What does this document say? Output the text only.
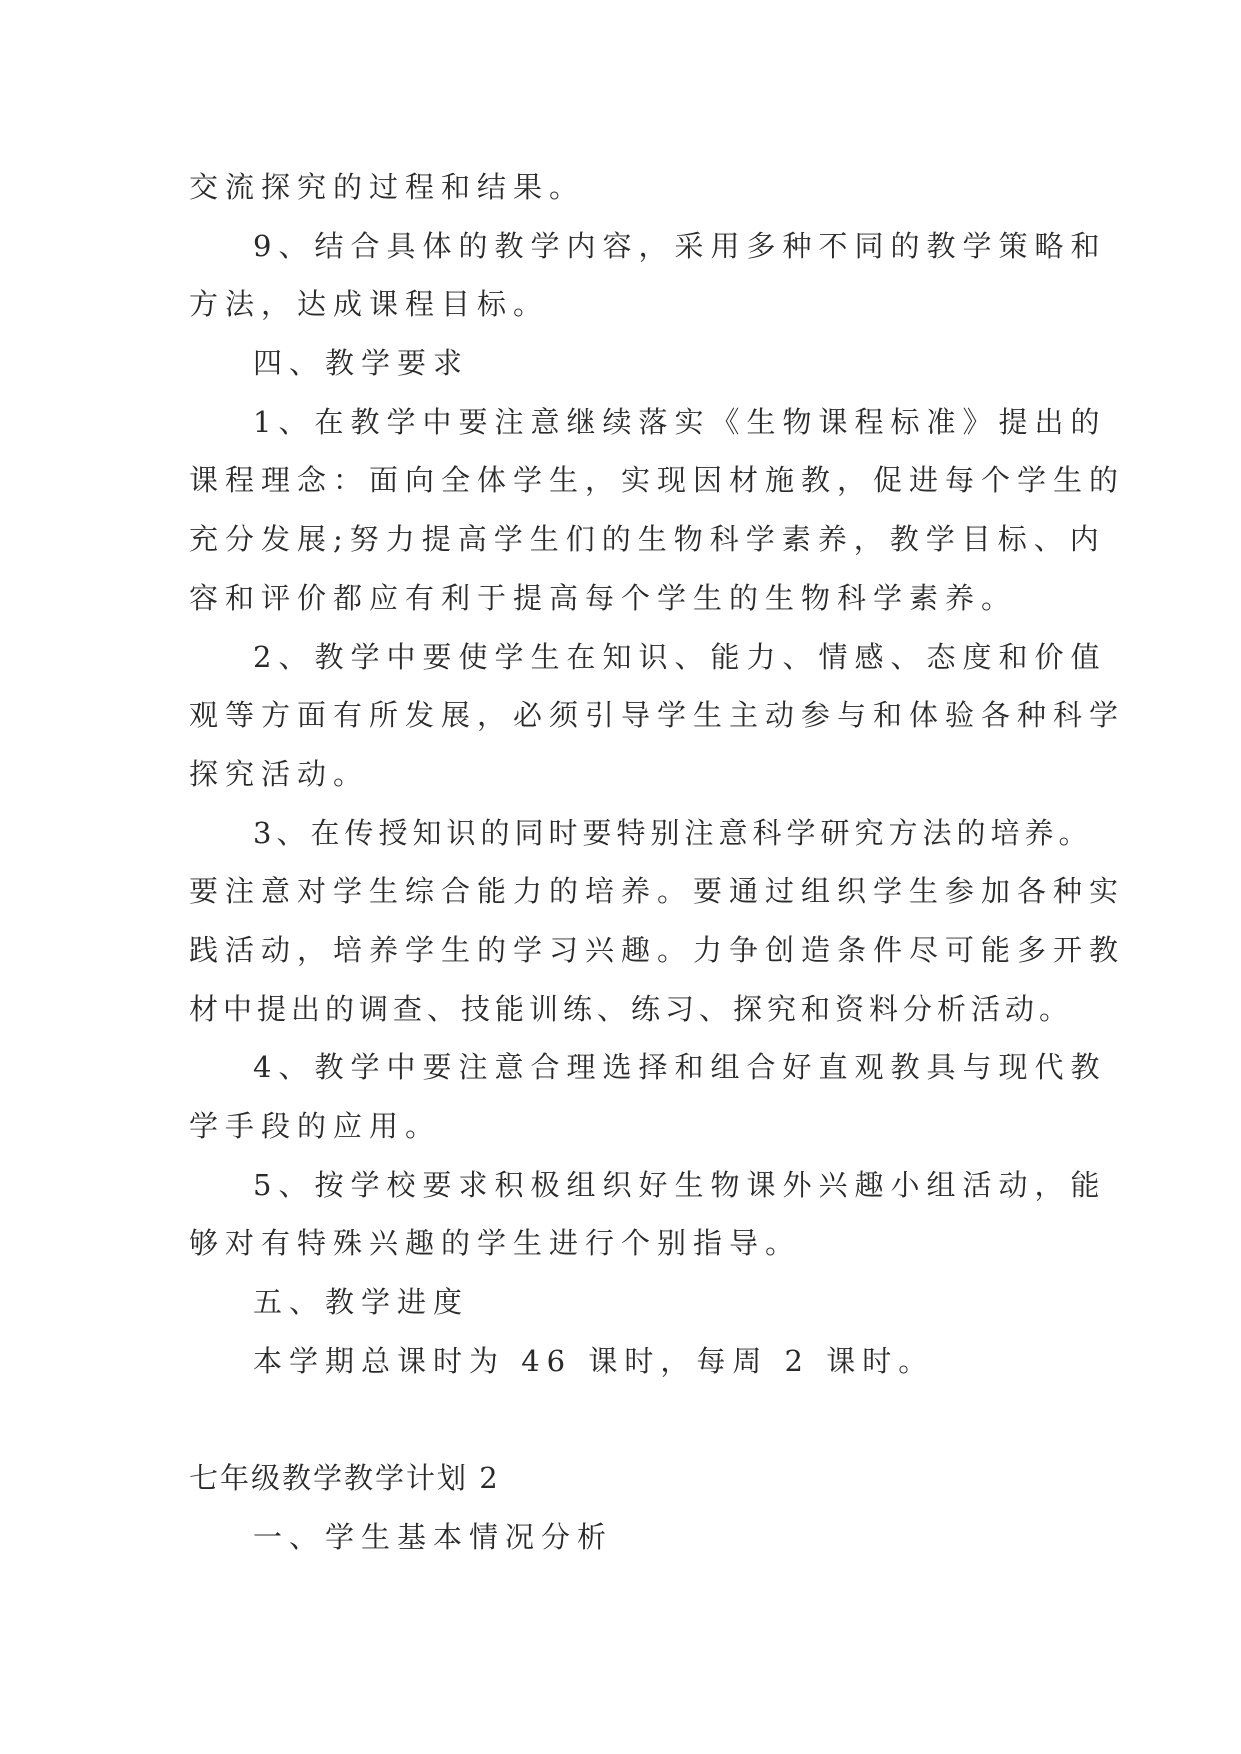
交流探究的过程和结果。
9、结合具体的教学内容，采用多种不同的教学策略和
方法，达成课程目标。
四、教学要求
1、在教学中要注意继续落实《生物课程标准》提出的
课程理念：面向全体学生，实现因材施教，促进每个学生的
充分发展;努力提高学生们的生物科学素养，教学目标、内
容和评价都应有利于提高每个学生的生物科学素养。
2、教学中要使学生在知识、能力、情感、态度和价值
观等方面有所发展，必须引导学生主动参与和体验各种科学
探究活动。
3、在传授知识的同时要特别注意科学研究方法的培养。
要注意对学生综合能力的培养。要通过组织学生参加各种实
践活动，培养学生的学习兴趣。力争创造条件尽可能多开教
材中提出的调查、技能训练、练习、探究和资料分析活动。
4、教学中要注意合理选择和组合好直观教具与现代教
学手段的应用。
5、按学校要求积极组织好生物课外兴趣小组活动，能
够对有特殊兴趣的学生进行个别指导。
五、教学进度
本学期总课时为 46 课时，每周 2 课时。
七年级教学教学计划 2
一、学生基本情况分析
